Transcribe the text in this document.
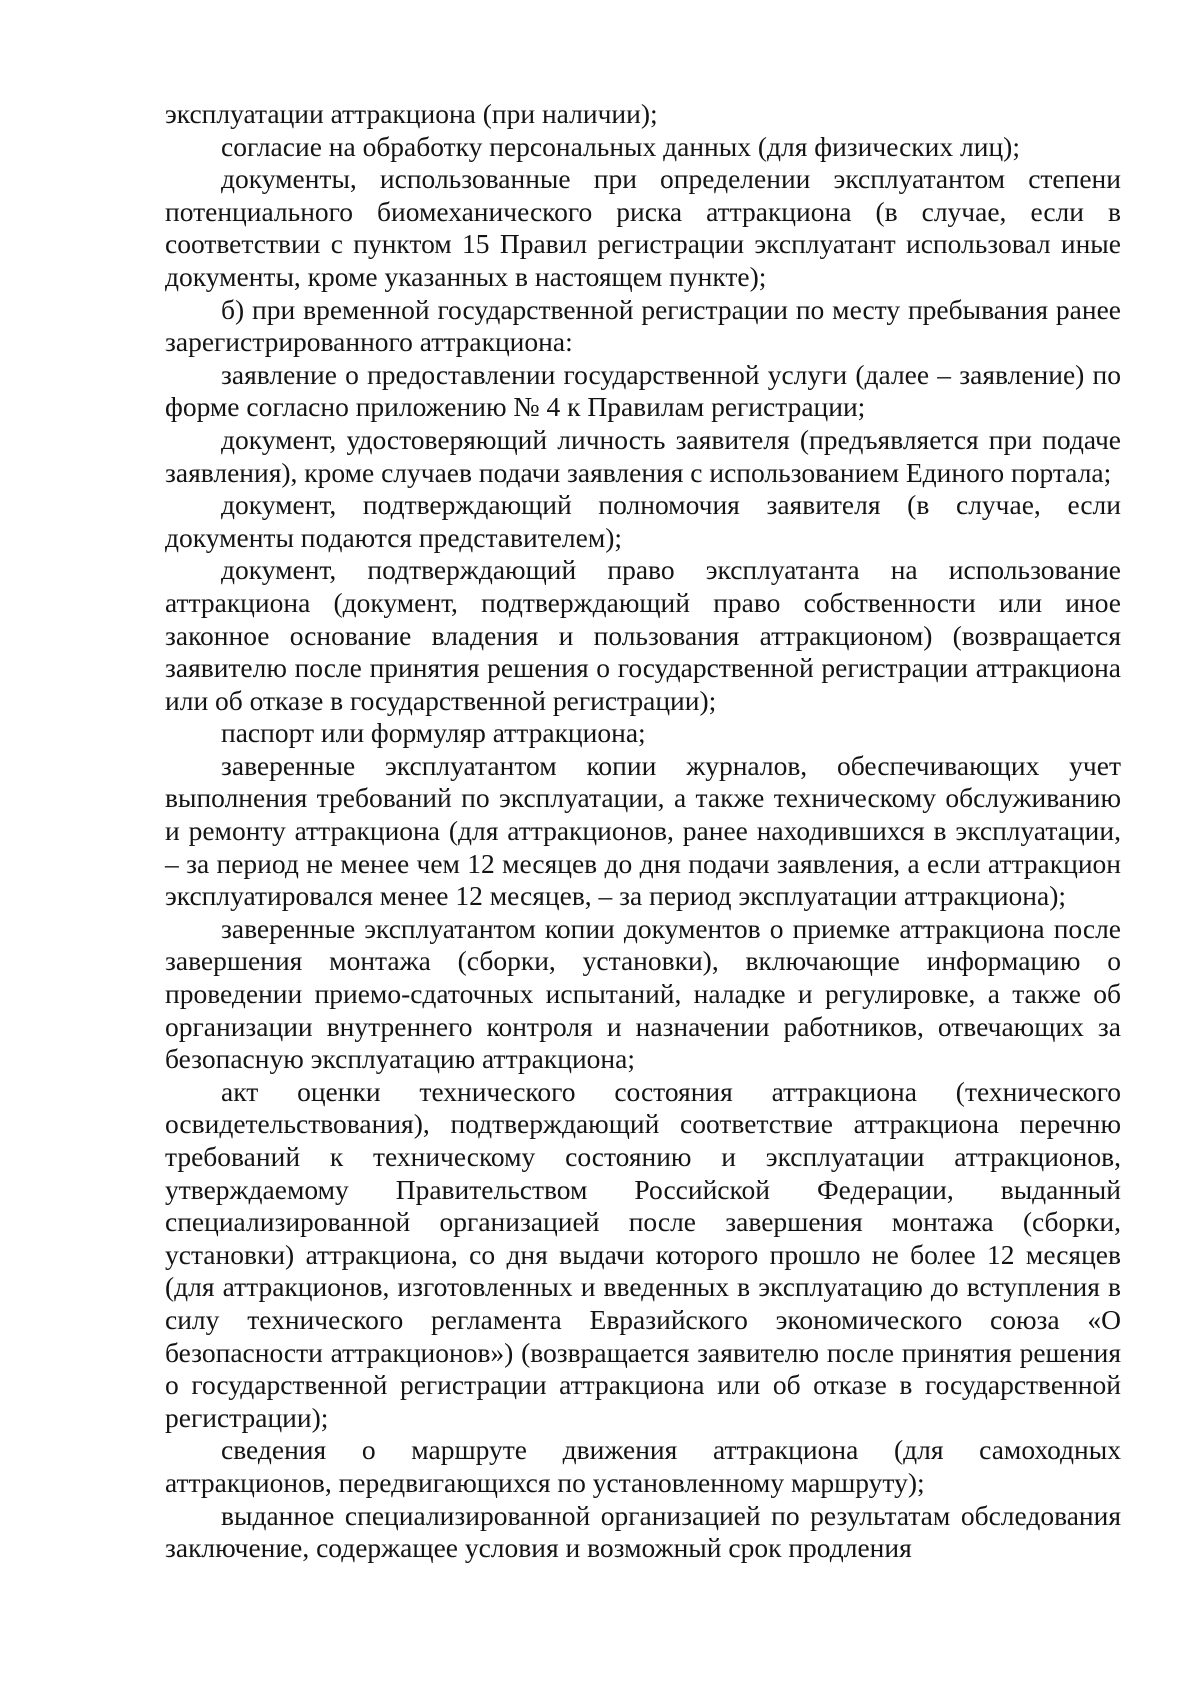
эксплуатации аттракциона (при наличии);

согласие на обработку персональных данных (для физических лиц);

документы, использованные при определении эксплуатантом степени потенциального биомеханического риска аттракциона (в случае, если в соответствии с пунктом 15 Правил регистрации эксплуатант использовал иные документы, кроме указанных в настоящем пункте);

б) при временной государственной регистрации по месту пребывания ранее зарегистрированного аттракциона:

заявление о предоставлении государственной услуги (далее – заявление) по форме согласно приложению № 4 к Правилам регистрации;

документ, удостоверяющий личность заявителя (предъявляется при подаче заявления), кроме случаев подачи заявления с использованием Единого портала;

документ, подтверждающий полномочия заявителя (в случае, если документы подаются представителем);

документ, подтверждающий право эксплуатанта на использование аттракциона (документ, подтверждающий право собственности или иное законное основание владения и пользования аттракционом) (возвращается заявителю после принятия решения о государственной регистрации аттракциона или об отказе в государственной регистрации);

паспорт или формуляр аттракциона;

заверенные эксплуатантом копии журналов, обеспечивающих учет выполнения требований по эксплуатации, а также техническому обслуживанию и ремонту аттракциона (для аттракционов, ранее находившихся в эксплуатации, – за период не менее чем 12 месяцев до дня подачи заявления, а если аттракцион эксплуатировался менее 12 месяцев, – за период эксплуатации аттракциона);

заверенные эксплуатантом копии документов о приемке аттракциона после завершения монтажа (сборки, установки), включающие информацию о проведении приемо-сдаточных испытаний, наладке и регулировке, а также об организации внутреннего контроля и назначении работников, отвечающих за безопасную эксплуатацию аттракциона;

акт оценки технического состояния аттракциона (технического освидетельствования), подтверждающий соответствие аттракциона перечню требований к техническому состоянию и эксплуатации аттракционов, утверждаемому Правительством Российской Федерации, выданный специализированной организацией после завершения монтажа (сборки, установки) аттракциона, со дня выдачи которого прошло не более 12 месяцев (для аттракционов, изготовленных и введенных в эксплуатацию до вступления в силу технического регламента Евразийского экономического союза «О безопасности аттракционов») (возвращается заявителю после принятия решения о государственной регистрации аттракциона или об отказе в государственной регистрации);

сведения о маршруте движения аттракциона (для самоходных аттракционов, передвигающихся по установленному маршруту);

выданное специализированной организацией по результатам обследования заключение, содержащее условия и возможный срок продления
